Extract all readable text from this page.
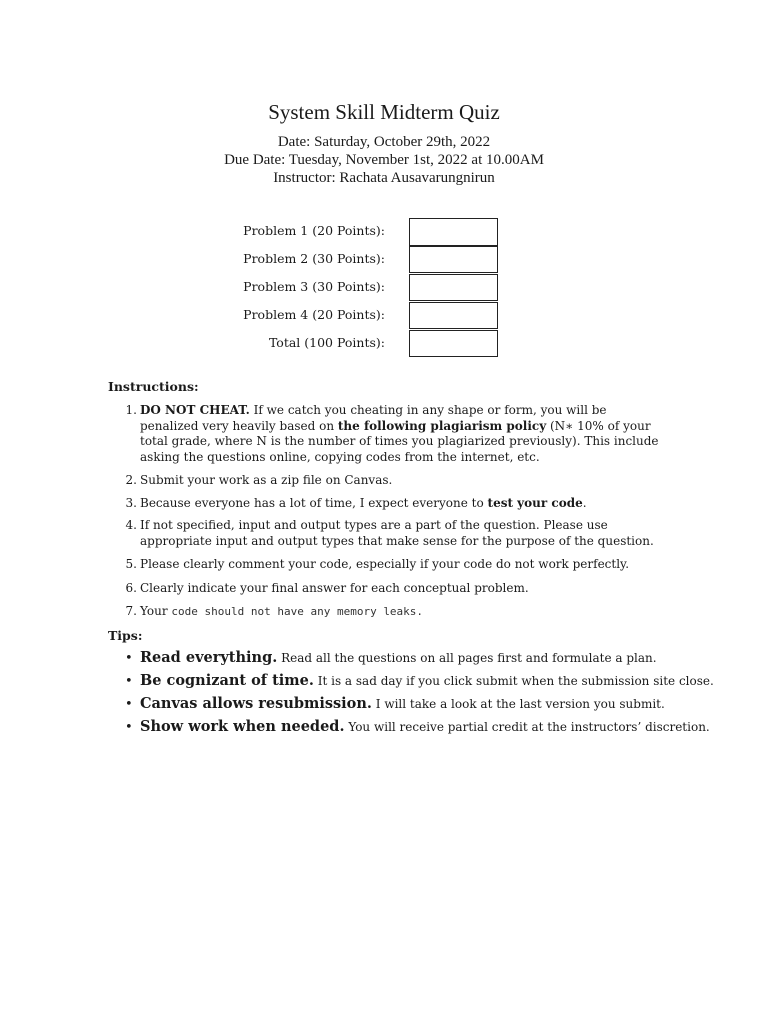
System Skill Midterm Quiz
Date: Saturday, October 29th, 2022
Due Date: Tuesday, November 1st, 2022 at 10.00AM
Instructor: Rachata Ausavarungnirun
Problem 1 (20 Points):
Problem 2 (30 Points):
Problem 3 (30 Points):
Problem 4 (20 Points):
Total (100 Points):
Instructions:
1. DO NOT CHEAT. If we catch you cheating in any shape or form, you will be penalized very heavily based on the following plagiarism policy (N∗ 10% of your total grade, where N is the number of times you plagiarized previously). This include asking the questions online, copying codes from the internet, etc.
2. Submit your work as a zip file on Canvas.
3. Because everyone has a lot of time, I expect everyone to test your code.
4. If not specified, input and output types are a part of the question. Please use appropriate input and output types that make sense for the purpose of the question.
5. Please clearly comment your code, especially if your code do not work perfectly.
6. Clearly indicate your final answer for each conceptual problem.
7. Your code should not have any memory leaks.
Tips:
• Read everything. Read all the questions on all pages first and formulate a plan.
• Be cognizant of time. It is a sad day if you click submit when the submission site close.
• Canvas allows resubmission. I will take a look at the last version you submit.
• Show work when needed. You will receive partial credit at the instructors’ discretion.
